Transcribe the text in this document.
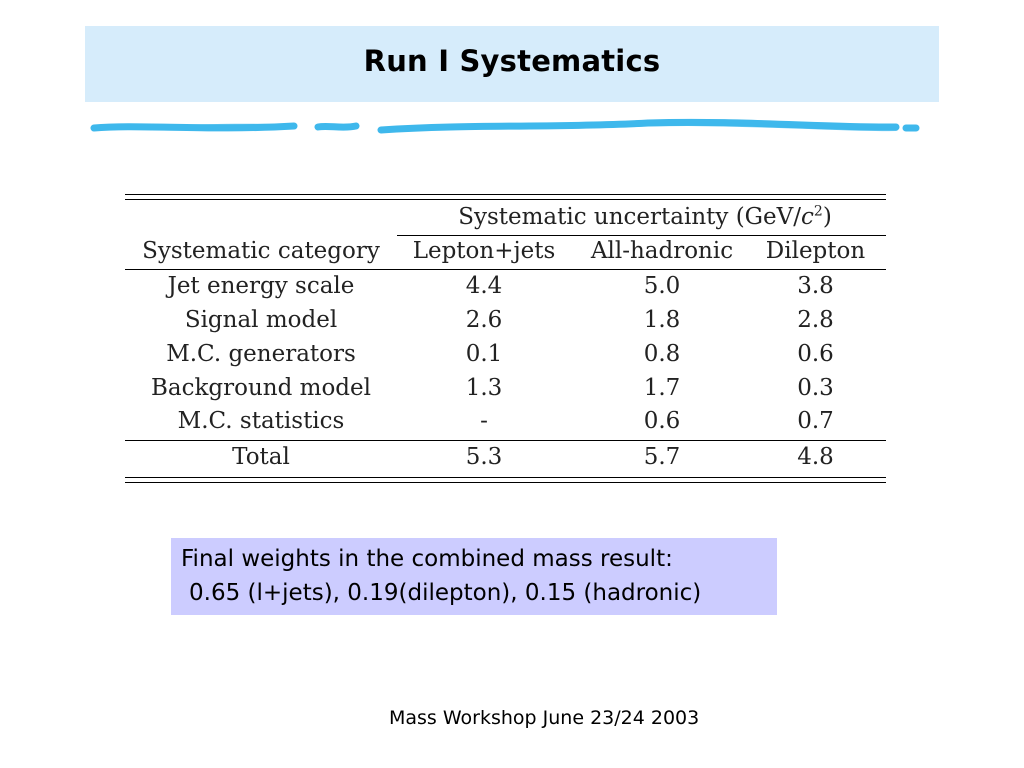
Run I Systematics
Systematic uncertainty $(GeV/c^2)$
Systematic category	Lepton+jets	All-hadronic	Dilepton
Jet energy scale	4.4	5.0	3.8
Signal model	2.6	1.8	2.8
M.C. generators	0.1	0.8	0.6
Background model	1.3	1.7	0.3
M.C. statistics	-	0.6	0.7
Total	5.3	5.7	4.8
Final weights in the combined mass result:
0.65 (l+jets), 0.19(dilepton), 0.15 (hadronic)
Mass Workshop June 23/24 2003
